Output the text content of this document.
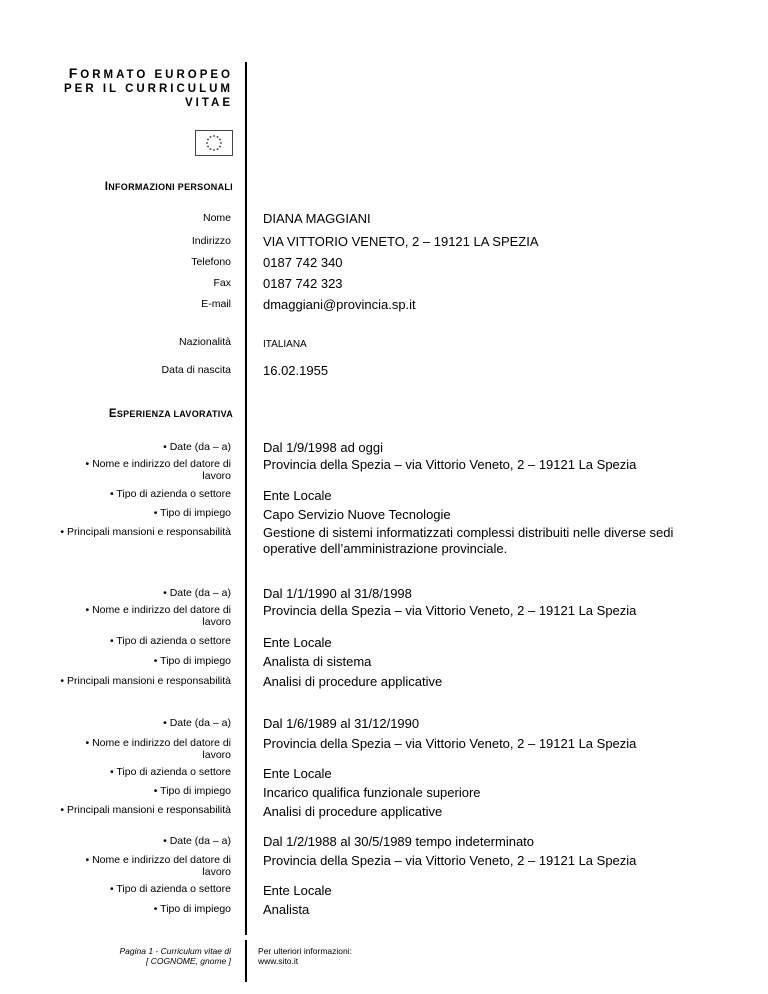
FORMATO EUROPEO
PER IL CURRICULUM
VITAE
INFORMAZIONI PERSONALI
Nome DIANA MAGGIANI
Indirizzo VIA VITTORIO VENETO, 2 – 19121 LA SPEZIA
Telefono 0187 742 340
Fax 0187 742 323
E-mail dmaggiani@provincia.sp.it
Nazionalità	ITALIANA
Data di nascita 16.02.1955
ESPERIENZA LAVORATIVA
• Date (da – a) Dal 1/9/1998 ad oggi
• Nome e indirizzo del datore di lavoro
Provincia della Spezia – via Vittorio Veneto, 2 – 19121 La Spezia
• Tipo di azienda o settore Ente Locale
• Tipo di impiego Capo Servizio Nuove Tecnologie
• Principali mansioni e responsabilità Gestione di sistemi informatizzati complessi distribuiti nelle diverse sedi operative dell’amministrazione provinciale.
• Date (da – a) Dal 1/1/1990 al 31/8/1998
• Nome e indirizzo del datore di lavoro
Provincia della Spezia – via Vittorio Veneto, 2 – 19121 La Spezia
• Tipo di azienda o settore Ente Locale
• Tipo di impiego Analista di sistema
• Principali mansioni e responsabilità Analisi di procedure applicative
• Date (da – a) Dal 1/6/1989 al 31/12/1990
• Nome e indirizzo del datore di lavoro
Provincia della Spezia – via Vittorio Veneto, 2 – 19121 La Spezia
• Tipo di azienda o settore Ente Locale
• Tipo di impiego Incarico qualifica funzionale superiore
• Principali mansioni e responsabilità Analisi di procedure applicative
• Date (da – a) Dal 1/2/1988 al 30/5/1989 tempo indeterminato
• Nome e indirizzo del datore di lavoro
Provincia della Spezia – via Vittorio Veneto, 2 – 19121 La Spezia
• Tipo di azienda o settore Ente Locale
• Tipo di impiego Analista
Pagina 1 - Curriculum vitae di
[ COGNOME, gnome ]
Per ulteriori informazioni:
www.sito.it
